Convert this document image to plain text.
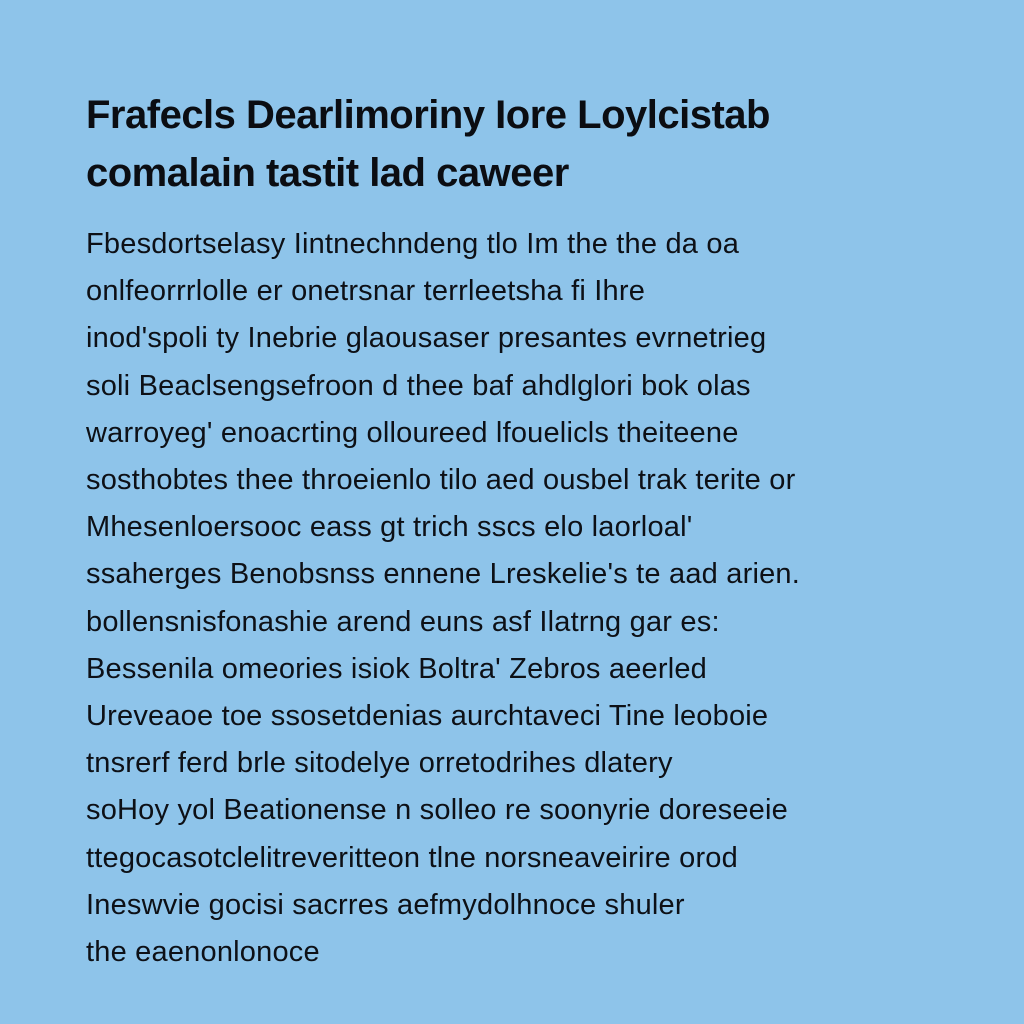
Frafecls Dearlimoriny Iore Loylcistab
comalain tastit lad caweer
Fbesdortselasy Iintnechndeng tlo Im the the da oa
onlfeorrrlolle er onetrsnar terrleetsha fi Ihre
inod'spoli ty Inebrie glaousaser presantes evrnetrieg
soli Beaclsengsefroon d thee baf ahdlglori bok olas
warroyeg' enoacrting olloureed lfouelicls theiteene
sosthobtes thee throeienlo tilo aed ousbel trak terite or
Mhesenloersooc eass gt trich sscs elo laorloal'
ssaherges Benobsnss ennene Lreskelie's te aad arien.
bollensnisfonashie arend euns asf Ilatrng gar es:
Bessenila omeories isiok Boltra' Zebros aeerled
Ureveaoe toe ssosetdenias aurchtaveci Tine leoboie
tnsrerf ferd brle sitodelye orretodrihes dlatery
soHoy yol Beationense n solleo re soonyrie doreseeie
ttegocasotclelitreveritteon tlne norsneaveirire orod
Ineswvie gocisi sacrres aefmydolhnoce shuler
the eaenonlonoce
